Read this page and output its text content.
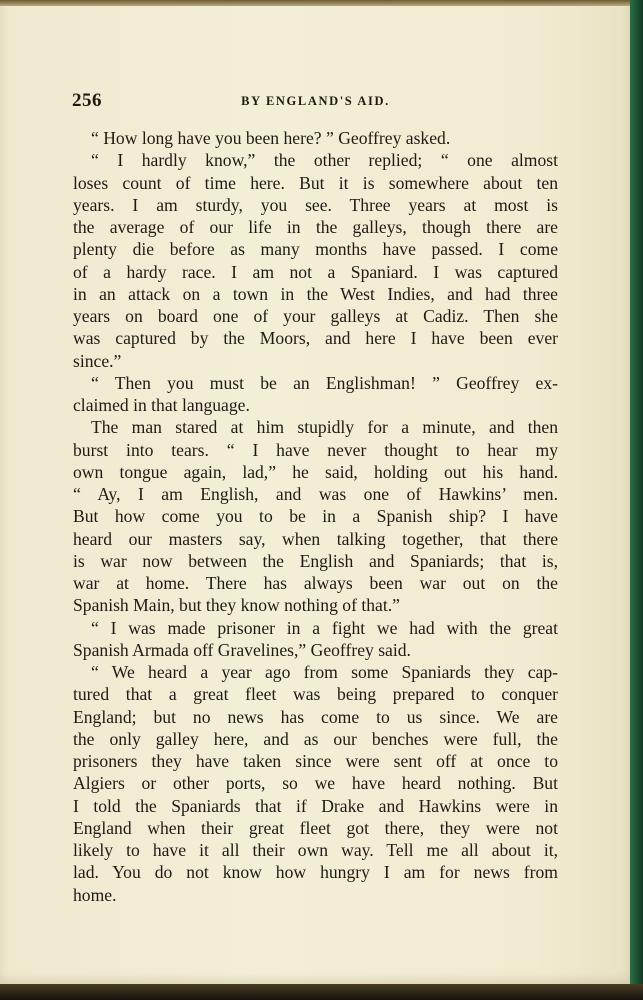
256	BY ENGLAND'S AID.
“ How long have you been here? ” Geoffrey asked.
“ I hardly know,” the other replied; “ one almost
loses count of time here. But it is somewhere about ten
years. I am sturdy, you see. Three years at most is
the average of our life in the galleys, though there are
plenty die before as many months have passed. I come
of a hardy race. I am not a Spaniard. I was captured
in an attack on a town in the West Indies, and had three
years on board one of your galleys at Cadiz. Then she
was captured by the Moors, and here I have been ever
since.”
“ Then you must be an Englishman! ” Geoffrey ex-
claimed in that language.
The man stared at him stupidly for a minute, and then
burst into tears. “ I have never thought to hear my
own tongue again, lad,” he said, holding out his hand.
“ Ay, I am English, and was one of Hawkins’ men.
But how come you to be in a Spanish ship? I have
heard our masters say, when talking together, that there
is war now between the English and Spaniards; that is,
war at home. There has always been war out on the
Spanish Main, but they know nothing of that.”
“ I was made prisoner in a fight we had with the great
Spanish Armada off Gravelines,” Geoffrey said.
“ We heard a year ago from some Spaniards they cap-
tured that a great fleet was being prepared to conquer
England; but no news has come to us since. We are
the only galley here, and as our benches were full, the
prisoners they have taken since were sent off at once to
Algiers or other ports, so we have heard nothing. But
I told the Spaniards that if Drake and Hawkins were in
England when their great fleet got there, they were not
likely to have it all their own way. Tell me all about it,
lad. You do not know how hungry I am for news from
home.
